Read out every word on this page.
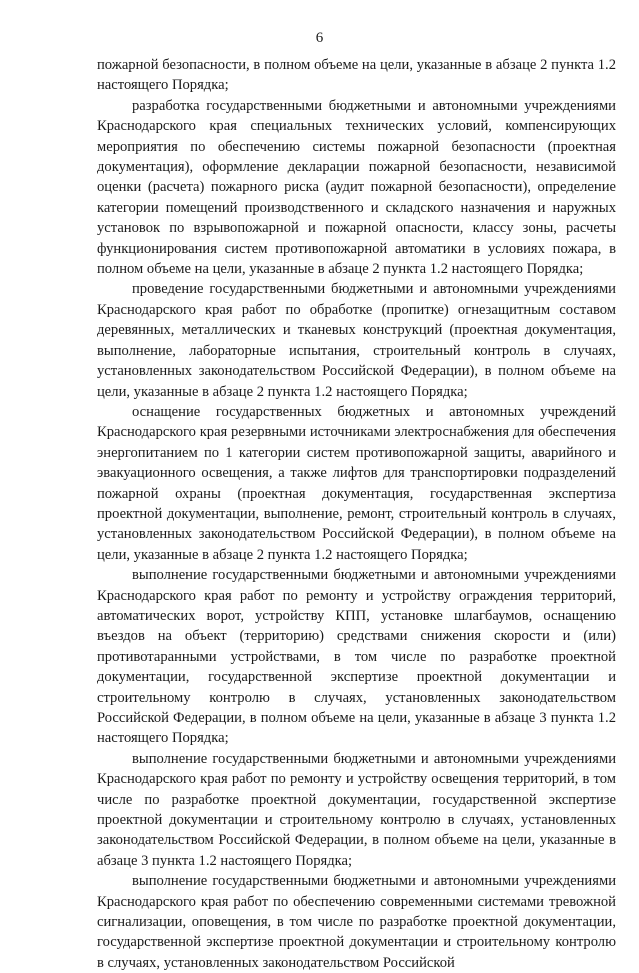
6

пожарной безопасности, в полном объеме на цели, указанные в абзаце 2 пункта 1.2 настоящего Порядка;

разработка государственными бюджетными и автономными учреждениями Краснодарского края специальных технических условий, компенсирующих мероприятия по обеспечению системы пожарной безопасности (проектная документация), оформление декларации пожарной безопасности, независимой оценки (расчета) пожарного риска (аудит пожарной безопасности), определение категории помещений производственного и складского назначения и наружных установок по взрывопожарной и пожарной опасности, классу зоны, расчеты функционирования систем противопожарной автоматики в условиях пожара, в полном объеме на цели, указанные в абзаце 2 пункта 1.2 настоящего Порядка;

проведение государственными бюджетными и автономными учреждениями Краснодарского края работ по обработке (пропитке) огнезащитным составом деревянных, металлических и тканевых конструкций (проектная документация, выполнение, лабораторные испытания, строительный контроль в случаях, установленных законодательством Российской Федерации), в полном объеме на цели, указанные в абзаце 2 пункта 1.2 настоящего Порядка;

оснащение государственных бюджетных и автономных учреждений Краснодарского края резервными источниками электроснабжения для обеспечения энергопитанием по 1 категории систем противопожарной защиты, аварийного и эвакуационного освещения, а также лифтов для транспортировки подразделений пожарной охраны (проектная документация, государственная экспертиза проектной документации, выполнение, ремонт, строительный контроль в случаях, установленных законодательством Российской Федерации), в полном объеме на цели, указанные в абзаце 2 пункта 1.2 настоящего Порядка;

выполнение государственными бюджетными и автономными учреждениями Краснодарского края работ по ремонту и устройству ограждения территорий, автоматических ворот, устройству КПП, установке шлагбаумов, оснащению въездов на объект (территорию) средствами снижения скорости и (или) противотаранными устройствами, в том числе по разработке проектной документации, государственной экспертизе проектной документации и строительному контролю в случаях, установленных законодательством Российской Федерации, в полном объеме на цели, указанные в абзаце 3 пункта 1.2 настоящего Порядка;

выполнение государственными бюджетными и автономными учреждениями Краснодарского края работ по ремонту и устройству освещения территорий, в том числе по разработке проектной документации, государственной экспертизе проектной документации и строительному контролю в случаях, установленных законодательством Российской Федерации, в полном объеме на цели, указанные в абзаце 3 пункта 1.2 настоящего Порядка;

выполнение государственными бюджетными и автономными учреждениями Краснодарского края работ по обеспечению современными системами тревожной сигнализации, оповещения, в том числе по разработке проектной документации, государственной экспертизе проектной документации и строительному контролю в случаях, установленных законодательством Российской
